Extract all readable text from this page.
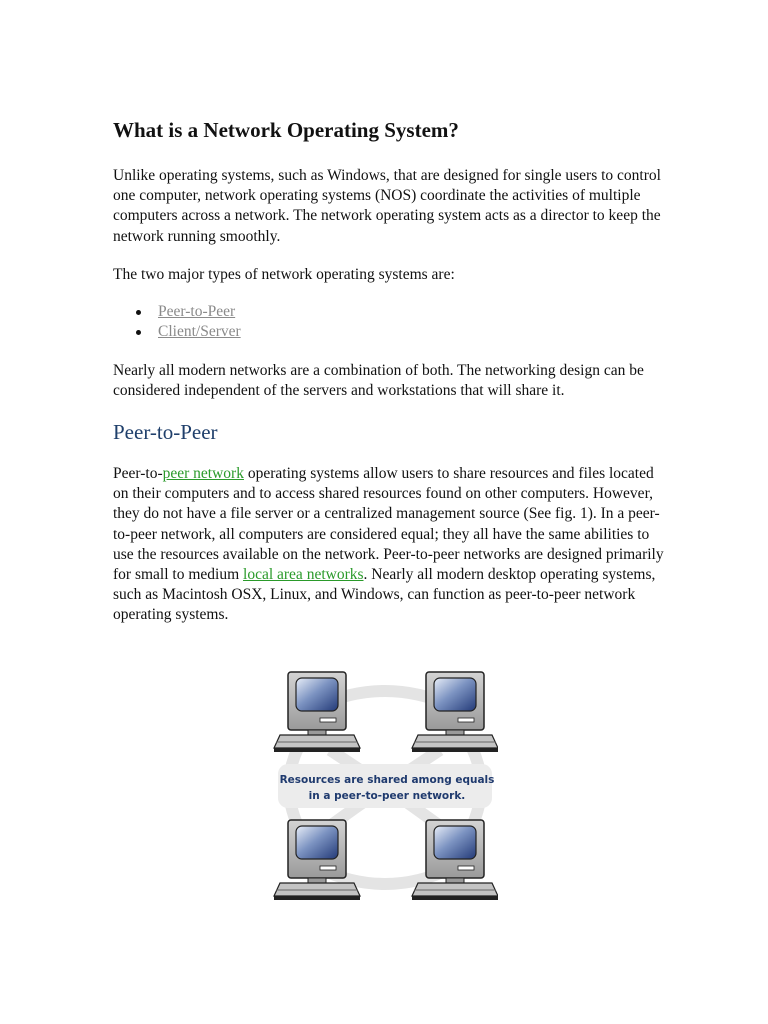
What is a Network Operating System?

Unlike operating systems, such as Windows, that are designed for single users to control one computer, network operating systems (NOS) coordinate the activities of multiple computers across a network. The network operating system acts as a director to keep the network running smoothly.

The two major types of network operating systems are:

Peer-to-Peer
Client/Server

Nearly all modern networks are a combination of both. The networking design can be considered independent of the servers and workstations that will share it.

Peer-to-Peer

Peer-to-peer network operating systems allow users to share resources and files located on their computers and to access shared resources found on other computers. However, they do not have a file server or a centralized management source (See fig. 1). In a peer-to-peer network, all computers are considered equal; they all have the same abilities to use the resources available on the network. Peer-to-peer networks are designed primarily for small to medium local area networks. Nearly all modern desktop operating systems, such as Macintosh OSX, Linux, and Windows, can function as peer-to-peer network operating systems.

Resources are shared among equals
in a peer-to-peer network.
